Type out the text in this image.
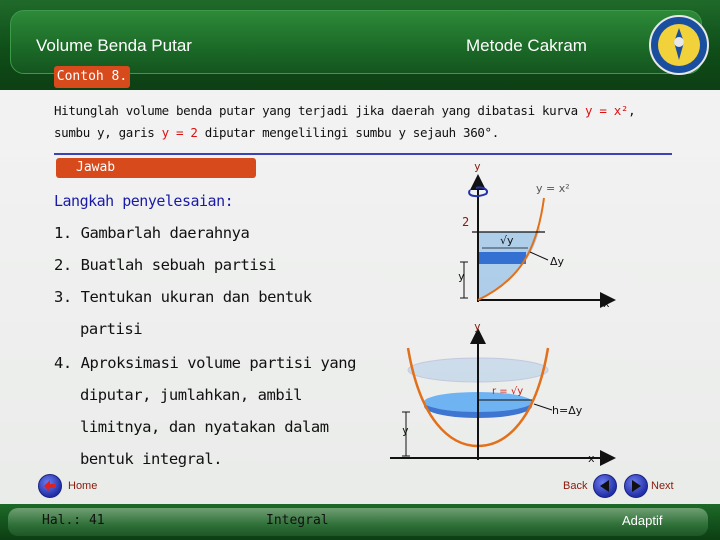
Volume Benda Putar	Metode Cakram
Contoh 8.
Hitunglah volume benda putar yang terjadi jika daerah yang dibatasi kurva y = x²,
sumbu y, garis y = 2 diputar mengelilingi sumbu y sejauh 360°.
Jawab
Langkah penyelesaian:
1. Gambarlah daerahnya
2. Buatlah sebuah partisi
3. Tentukan ukuran dan bentuk
partisi
4. Aproksimasi volume partisi yang
diputar, jumlahkan, ambil
limitnya, dan nyatakan dalam
bentuk integral.
y
x
y = x²
2
√y
Δy
y
y
x
r = √y
h=Δy
y
Home	Back	Next
Hal.: 41	Integral	Adaptif
